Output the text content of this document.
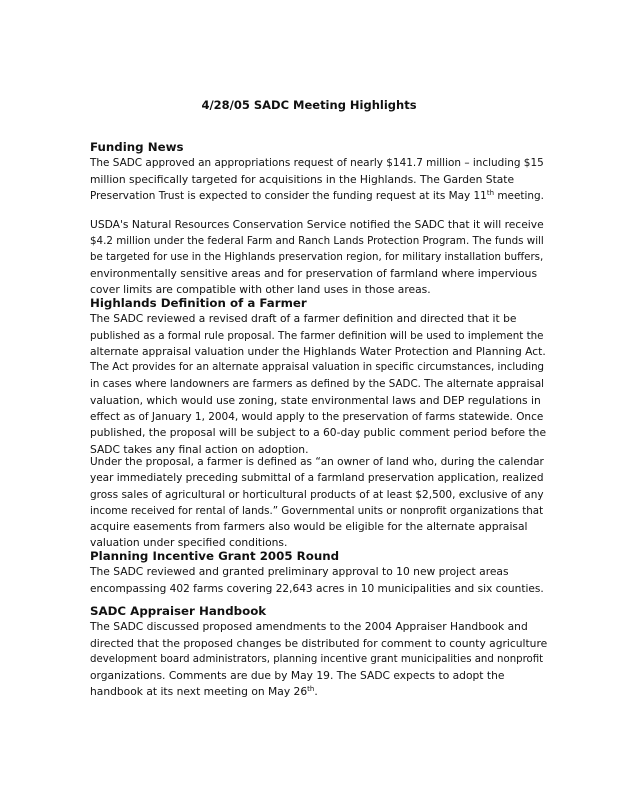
4/28/05 SADC Meeting Highlights
Funding News

The SADC approved an appropriations request of nearly $141.7 million – including $15
million specifically targeted for acquisitions in the Highlands. The Garden State
Preservation Trust is expected to consider the funding request at its May 11th meeting.

USDA's Natural Resources Conservation Service notified the SADC that it will receive
$4.2 million under the federal Farm and Ranch Lands Protection Program. The funds will
be targeted for use in the Highlands preservation region, for military installation buffers,
environmentally sensitive areas and for preservation of farmland where impervious
cover limits are compatible with other land uses in those areas.

Highlands Definition of a Farmer

The SADC reviewed a revised draft of a farmer definition and directed that it be
published as a formal rule proposal. The farmer definition will be used to implement the
alternate appraisal valuation under the Highlands Water Protection and Planning Act.
The Act provides for an alternate appraisal valuation in specific circumstances, including
in cases where landowners are farmers as defined by the SADC. The alternate appraisal
valuation, which would use zoning, state environmental laws and DEP regulations in
effect as of January 1, 2004, would apply to the preservation of farms statewide. Once
published, the proposal will be subject to a 60-day public comment period before the
SADC takes any final action on adoption.

Under the proposal, a farmer is defined as “an owner of land who, during the calendar
year immediately preceding submittal of a farmland preservation application, realized
gross sales of agricultural or horticultural products of at least $2,500, exclusive of any
income received for rental of lands.” Governmental units or nonprofit organizations that
acquire easements from farmers also would be eligible for the alternate appraisal
valuation under specified conditions.

Planning Incentive Grant 2005 Round

The SADC reviewed and granted preliminary approval to 10 new project areas
encompassing 402 farms covering 22,643 acres in 10 municipalities and six counties.

SADC Appraiser Handbook

The SADC discussed proposed amendments to the 2004 Appraiser Handbook and
directed that the proposed changes be distributed for comment to county agriculture
development board administrators, planning incentive grant municipalities and nonprofit
organizations. Comments are due by May 19. The SADC expects to adopt the
handbook at its next meeting on May 26th.
